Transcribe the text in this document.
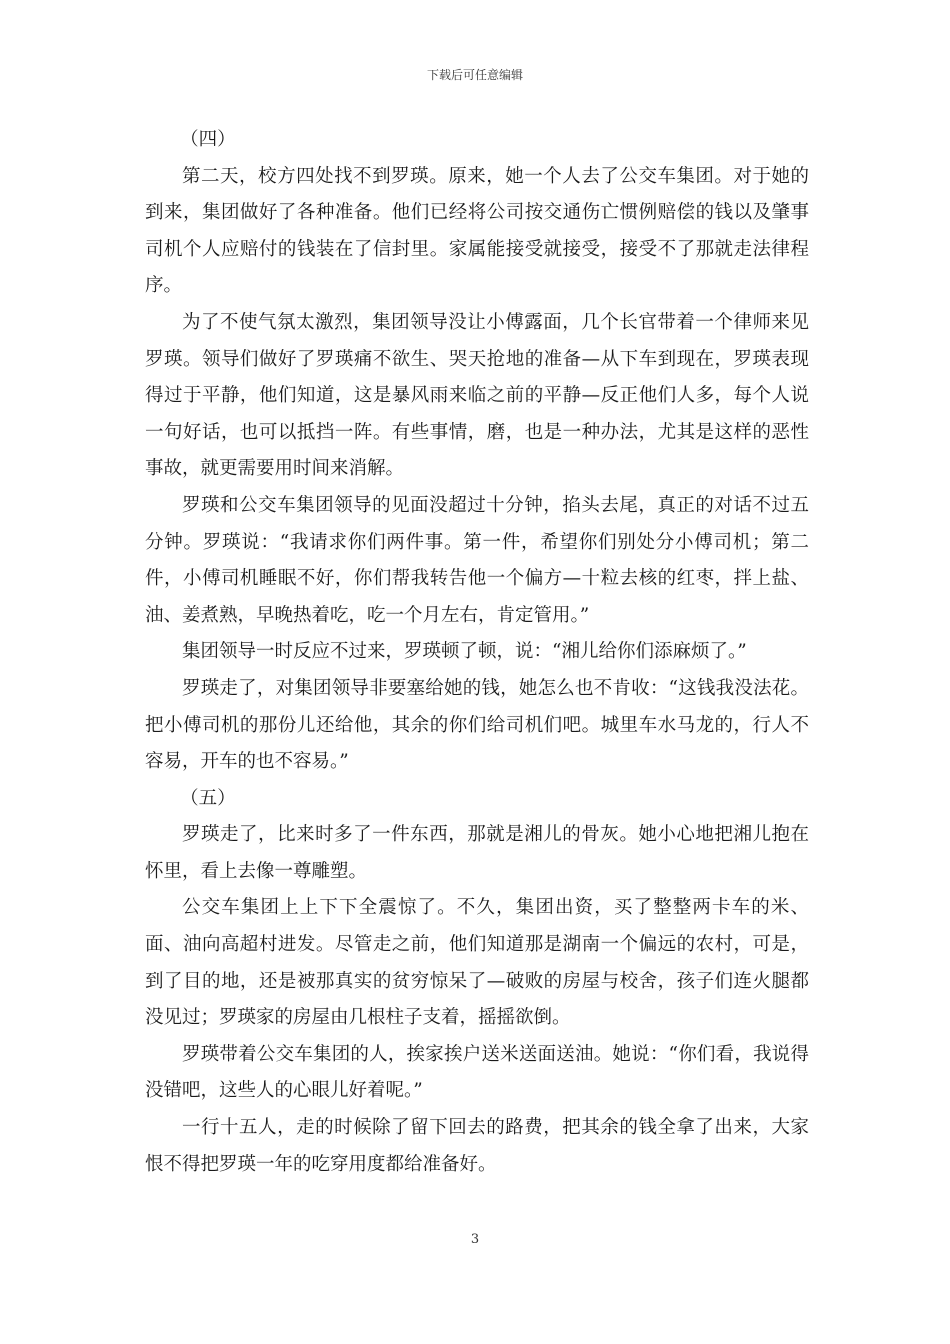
下载后可任意编辑

（四）

第二天，校方四处找不到罗瑛。原来，她一个人去了公交车集团。对于她的到来，集团做好了各种准备。他们已经将公司按交通伤亡惯例赔偿的钱以及肇事司机个人应赔付的钱装在了信封里。家属能接受就接受，接受不了那就走法律程序。

为了不使气氛太激烈，集团领导没让小傅露面，几个长官带着一个律师来见罗瑛。领导们做好了罗瑛痛不欲生、哭天抢地的准备—从下车到现在，罗瑛表现得过于平静，他们知道，这是暴风雨来临之前的平静—反正他们人多，每个人说一句好话，也可以抵挡一阵。有些事情，磨，也是一种办法，尤其是这样的恶性事故，就更需要用时间来消解。

罗瑛和公交车集团领导的见面没超过十分钟，掐头去尾，真正的对话不过五分钟。罗瑛说：“我请求你们两件事。第一件，希望你们别处分小傅司机；第二件，小傅司机睡眠不好，你们帮我转告他一个偏方—十粒去核的红枣，拌上盐、油、姜煮熟，早晚热着吃，吃一个月左右，肯定管用。”

集团领导一时反应不过来，罗瑛顿了顿，说：“湘儿给你们添麻烦了。”

罗瑛走了，对集团领导非要塞给她的钱，她怎么也不肯收：“这钱我没法花。把小傅司机的那份儿还给他，其余的你们给司机们吧。城里车水马龙的，行人不容易，开车的也不容易。”

（五）

罗瑛走了，比来时多了一件东西，那就是湘儿的骨灰。她小心地把湘儿抱在怀里，看上去像一尊雕塑。

公交车集团上上下下全震惊了。不久，集团出资，买了整整两卡车的米、面、油向高超村进发。尽管走之前，他们知道那是湖南一个偏远的农村，可是，到了目的地，还是被那真实的贫穷惊呆了—破败的房屋与校舍，孩子们连火腿都没见过；罗瑛家的房屋由几根柱子支着，摇摇欲倒。

罗瑛带着公交车集团的人，挨家挨户送米送面送油。她说：“你们看，我说得没错吧，这些人的心眼儿好着呢。”

一行十五人，走的时候除了留下回去的路费，把其余的钱全拿了出来，大家恨不得把罗瑛一年的吃穿用度都给准备好。

3
